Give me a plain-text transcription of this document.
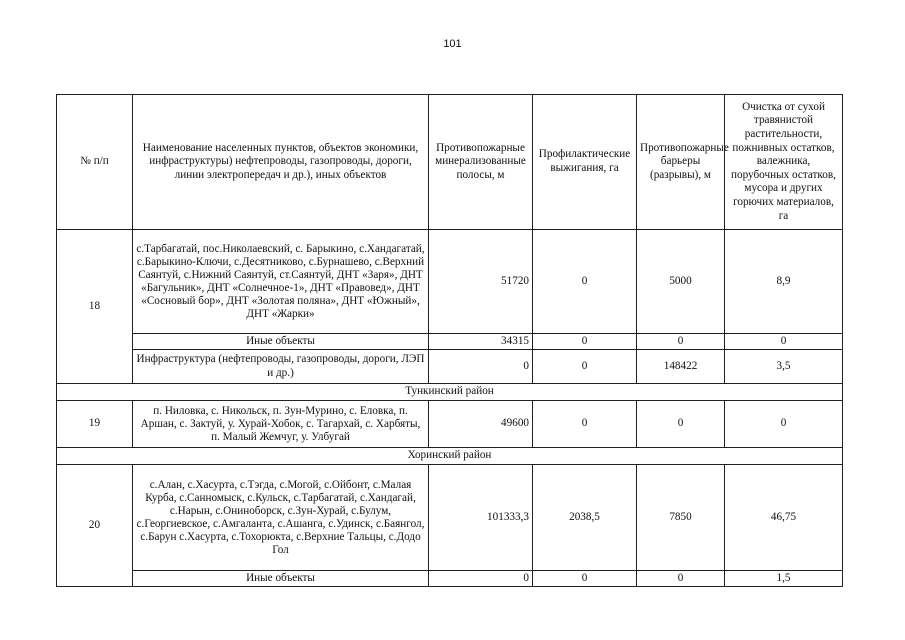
101
№ п/п	Наименование населенных пунктов, объектов экономики, инфраструктуры) нефтепроводы, газопроводы, дороги, линии электропередач и др.), иных объектов	Противопожарные минерализованные полосы, м	Профилактические выжигания, га	Противопожарные барьеры (разрывы), м	Очистка от сухой травянистой растительности, пожнивных остатков, валежника, порубочных остатков, мусора и других горючих материалов, га
18	с.Тарбагатай, пос.Николаевский, с. Барыкино, с.Хандагатай, с.Барыкино-Ключи, с.Десятниково, с.Бурнашево, с.Верхний Саянтуй, с.Нижний Саянтуй, ст.Саянтуй, ДНТ «Заря», ДНТ «Багульник», ДНТ «Солнечное-1», ДНТ «Правовед», ДНТ «Сосновый бор», ДНТ «Золотая поляна», ДНТ «Южный», ДНТ «Жарки»	51720	0	5000	8,9
	Иные объекты	34315	0	0	0
	Инфраструктура (нефтепроводы, газопроводы, дороги, ЛЭП и др.)	0	0	148422	3,5
Тункинский район					
19	п. Ниловка, с. Никольск, п. Зун-Мурино, с. Еловка, п. Аршан, с. Зактуй, у. Хурай-Хобок, с. Тагархай, с. Харбяты, п. Малый Жемчуг, у. Улбугай	49600	0	0	0
Хоринский район					
20	с.Алан, с.Хасурта, с.Тэгда, с.Могой, с.Ойбонт, с.Малая Курба, с.Санномыск, с.Кульск, с.Тарбагатай, с.Хандагай, с.Нарын, с.Ониноборск, с.Зун-Хурай, с.Булум, с.Георгиевское, с.Амгаланта, с.Ашанга, с.Удинск, с.Баянгол, с.Барун с.Хасурта, с.Тохорюкта, с.Верхние Тальцы, с.Додо Гол	101333,3	2038,5	7850	46,75
	Иные объекты	0	0	0	1,5
